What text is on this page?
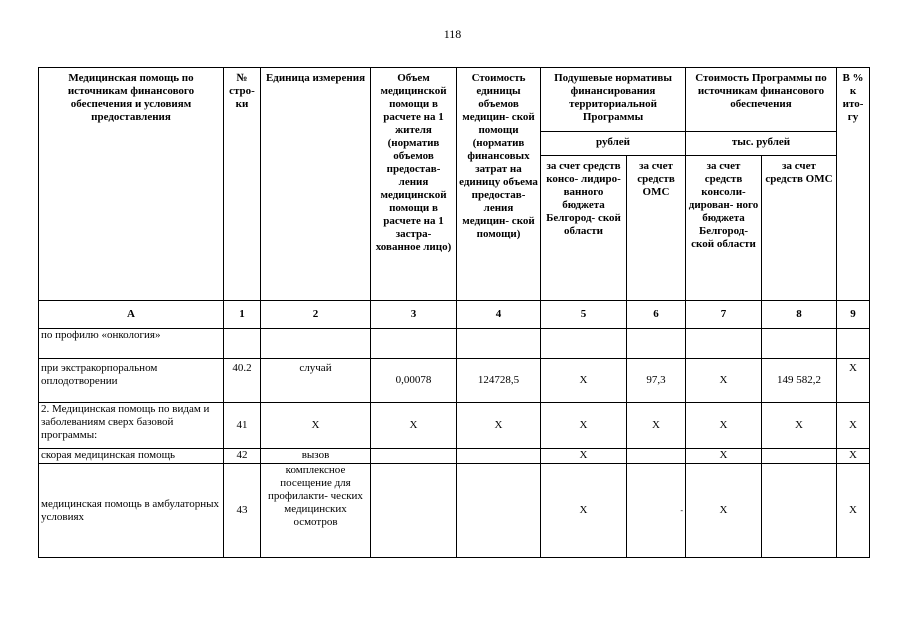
118
Медицинская помощь по источникам финансового обеспечения и условиям предоставления	№ стро- ки	Единица измерения	Объем медицинской помощи в расчете на 1 жителя (норматив объемов предостав- ления медицинской помощи в расчете на 1 застра- хованное лицо)	Стоимость единицы объемов медицин- ской помощи (норматив финансовых затрат на единицу объема предостав- ления медицин- ской помощи)	Подушевые нормативы финансирования территориальной Программы		Стоимость Программы по источникам финансового обеспечения		В % к ито- гу
					рублей		тыс. рублей		
					за счет средств консо- лидиро- ванного бюджета Белгород- ской области	за счет средств ОМС	за счет средств консоли- дирован- ного бюджета Белгород- ской области	за счет средств ОМС	
А	1	2	3	4	5	6	7	8	9
по профилю «онкология»									
при экстракорпоральном оплодотворении	40.2	случай	0,00078	124728,5	Х	97,3	Х	149 582,2	Х
2. Медицинская помощь по видам и заболеваниям сверх базовой программы:	41	Х	Х	Х	Х	Х	Х	Х	Х
скорая медицинская помощь	42	вызов			Х		Х		Х
медицинская помощь в амбулаторных условиях	43	комплексное посещение для профилакти- ческих медицинских осмотров			Х	-	Х		Х
